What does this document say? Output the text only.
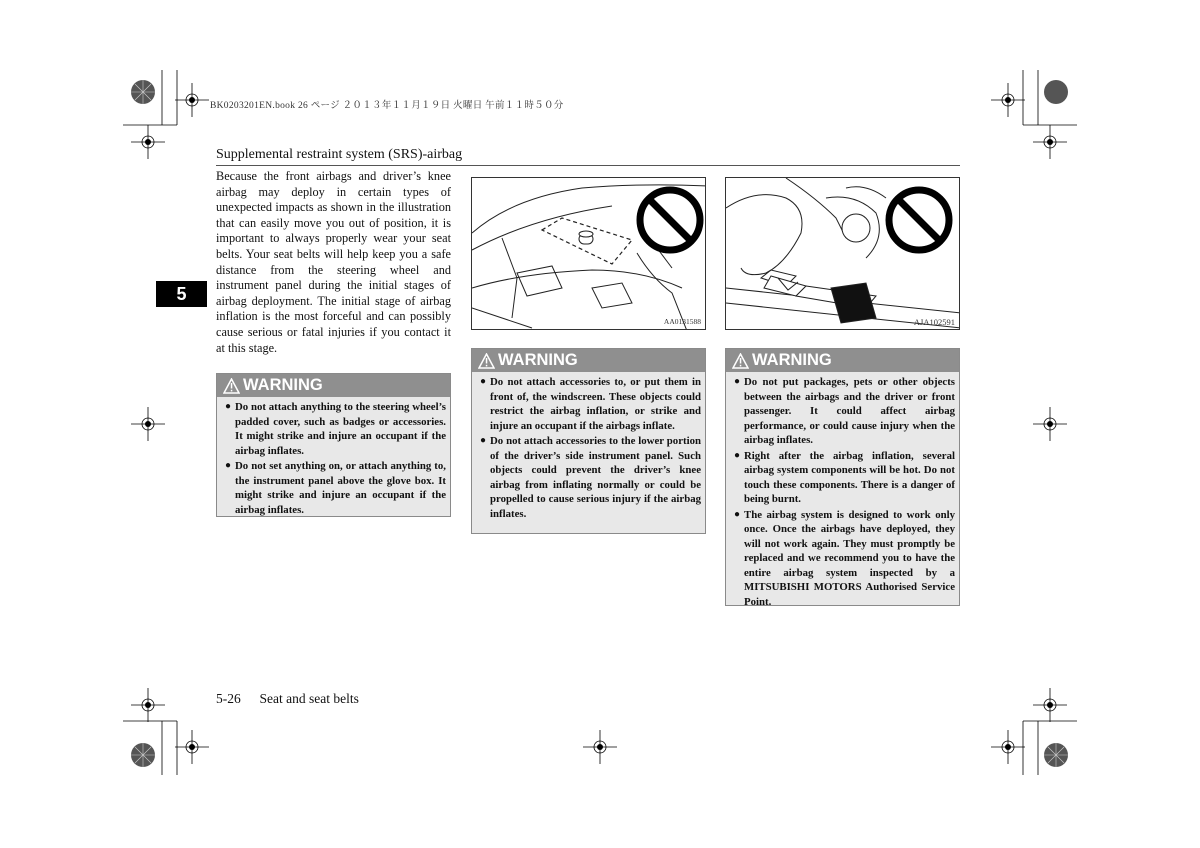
BK0203201EN.book 26 ページ ２０１３年１１月１９日 火曜日 午前１１時５０分
Supplemental restraint system (SRS)-airbag
5
Because the front airbags and driver’s knee airbag may deploy in certain types of unexpected impacts as shown in the illustration that can easily move you out of position, it is important to always properly wear your seat belts. Your seat belts will help keep you a safe distance from the steering wheel and instrument panel during the initial stages of airbag deployment. The initial stage of airbag inflation is the most forceful and can possibly cause serious or fatal injuries if you contact it at this stage.
WARNING
● Do not attach anything to the steering wheel’s padded cover, such as badges or accessories. It might strike and injure an occupant if the airbag inflates.
● Do not set anything on, or attach anything to, the instrument panel above the glove box. It might strike and injure an occupant if the airbag inflates.
AA0131588
WARNING
● Do not attach accessories to, or put them in front of, the windscreen. These objects could restrict the airbag inflation, or strike and injure an occupant if the airbags inflate.
● Do not attach accessories to the lower portion of the driver’s side instrument panel. Such objects could prevent the driver’s knee airbag from inflating normally or could be propelled to cause serious injury if the airbag inflates.
AJA102591
WARNING
● Do not put packages, pets or other objects between the airbags and the driver or front passenger. It could affect airbag performance, or could cause injury when the airbag inflates.
● Right after the airbag inflation, several airbag system components will be hot. Do not touch these components. There is a danger of being burnt.
● The airbag system is designed to work only once. Once the airbags have deployed, they will not work again. They must promptly be replaced and we recommend you to have the entire airbag system inspected by a MITSUBISHI MOTORS Authorised Service Point.
5-26 Seat and seat belts
